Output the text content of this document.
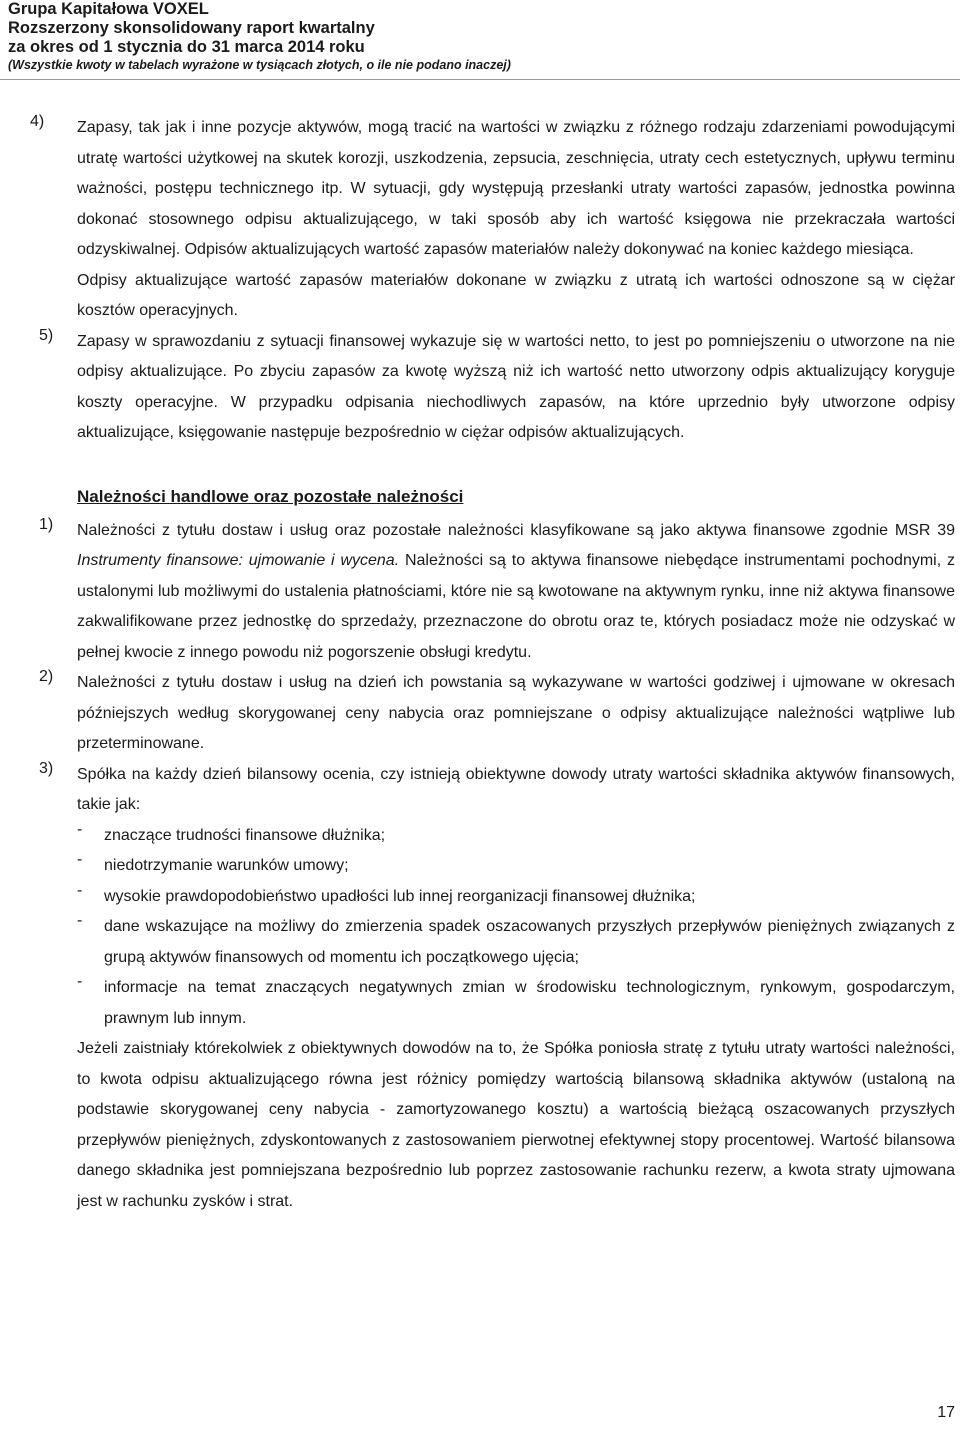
Grupa Kapitałowa VOXEL

Rozszerzony skonsolidowany raport kwartalny

za okres od 1 stycznia do 31 marca 2014 roku

(Wszystkie kwoty w tabelach wyrażone w tysiącach złotych, o ile nie podano inaczej)

4) Zapasy, tak jak i inne pozycje aktywów, mogą tracić na wartości w związku z różnego rodzaju zdarzeniami powodującymi utratę wartości użytkowej na skutek korozji, uszkodzenia, zepsucia, zeschnięcia, utraty cech estetycznych, upływu terminu ważności, postępu technicznego itp. W sytuacji, gdy występują przesłanki utraty wartości zapasów, jednostka powinna dokonać stosownego odpisu aktualizującego, w taki sposób aby ich wartość księgowa nie przekraczała wartości odzyskiwalnej. Odpisów aktualizujących wartość zapasów materiałów należy dokonywać na koniec każdego miesiąca.

Odpisy aktualizujące wartość zapasów materiałów dokonane w związku z utratą ich wartości odnoszone są w ciężar kosztów operacyjnych.

5) Zapasy w sprawozdaniu z sytuacji finansowej wykazuje się w wartości netto, to jest po pomniejszeniu o utworzone na nie odpisy aktualizujące. Po zbyciu zapasów za kwotę wyższą niż ich wartość netto utworzony odpis aktualizujący koryguje koszty operacyjne. W przypadku odpisania niechodliwych zapasów, na które uprzednio były utworzone odpisy aktualizujące, księgowanie następuje bezpośrednio w ciężar odpisów aktualizujących.

Należności handlowe oraz pozostałe należności

1) Należności z tytułu dostaw i usług oraz pozostałe należności klasyfikowane są jako aktywa finansowe zgodnie MSR 39 Instrumenty finansowe: ujmowanie i wycena. Należności są to aktywa finansowe niebędące instrumentami pochodnymi, z ustalonymi lub możliwymi do ustalenia płatnościami, które nie są kwotowane na aktywnym rynku, inne niż aktywa finansowe zakwalifikowane przez jednostkę do sprzedaży, przeznaczone do obrotu oraz te, których posiadacz może nie odzyskać w pełnej kwocie z innego powodu niż pogorszenie obsługi kredytu.

2) Należności z tytułu dostaw i usług na dzień ich powstania są wykazywane w wartości godziwej i ujmowane w okresach późniejszych według skorygowanej ceny nabycia oraz pomniejszane o odpisy aktualizujące należności wątpliwe lub przeterminowane.

3) Spółka na każdy dzień bilansowy ocenia, czy istnieją obiektywne dowody utraty wartości składnika aktywów finansowych, takie jak:

- znaczące trudności finansowe dłużnika;

- niedotrzymanie warunków umowy;

- wysokie prawdopodobieństwo upadłości lub innej reorganizacji finansowej dłużnika;

- dane wskazujące na możliwy do zmierzenia spadek oszacowanych przyszłych przepływów pieniężnych związanych z grupą aktywów finansowych od momentu ich początkowego ujęcia;

- informacje na temat znaczących negatywnych zmian w środowisku technologicznym, rynkowym, gospodarczym, prawnym lub innym.

Jeżeli zaistniały którekolwiek z obiektywnych dowodów na to, że Spółka poniosła stratę z tytułu utraty wartości należności, to kwota odpisu aktualizującego równa jest różnicy pomiędzy wartością bilansową składnika aktywów (ustaloną na podstawie skorygowanej ceny nabycia - zamortyzowanego kosztu) a wartością bieżącą oszacowanych przyszłych przepływów pieniężnych, zdyskontowanych z zastosowaniem pierwotnej efektywnej stopy procentowej. Wartość bilansowa danego składnika jest pomniejszana bezpośrednio lub poprzez zastosowanie rachunku rezerw, a kwota straty ujmowana jest w rachunku zysków i strat.

17
